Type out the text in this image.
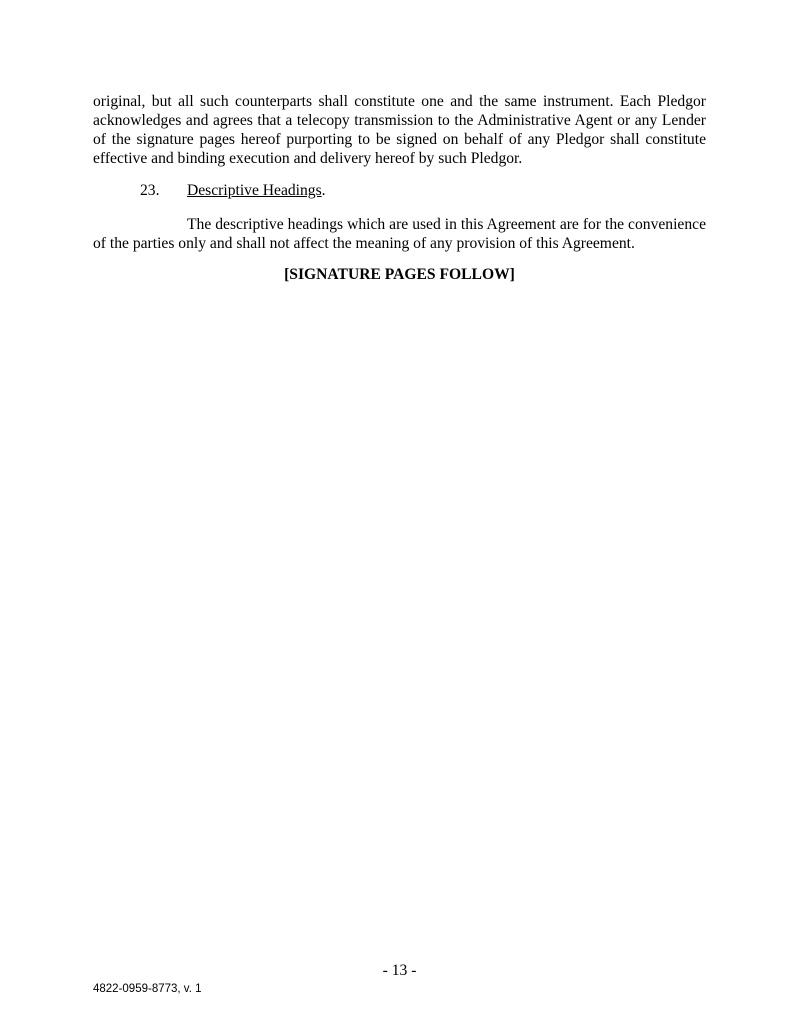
original, but all such counterparts shall constitute one and the same instrument. Each Pledgor acknowledges and agrees that a telecopy transmission to the Administrative Agent or any Lender of the signature pages hereof purporting to be signed on behalf of any Pledgor shall constitute effective and binding execution and delivery hereof by such Pledgor.

23. Descriptive Headings.

The descriptive headings which are used in this Agreement are for the convenience of the parties only and shall not affect the meaning of any provision of this Agreement.

[SIGNATURE PAGES FOLLOW]

- 13 -
4822-0959-8773, v. 1
